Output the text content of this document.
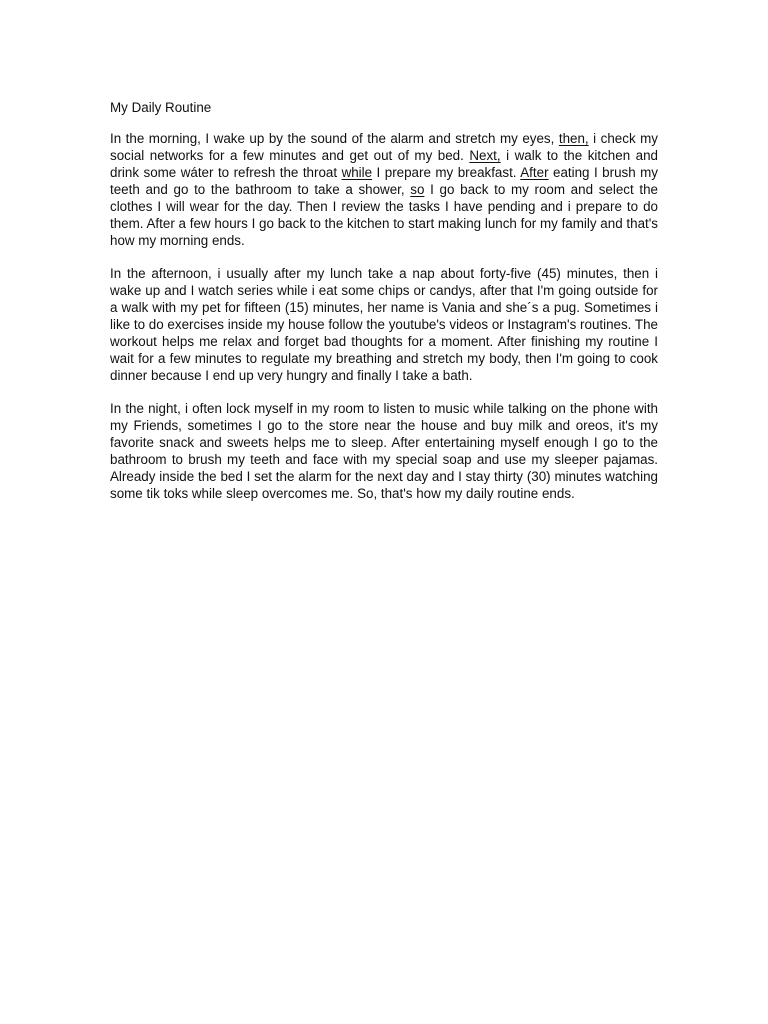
My Daily Routine

In the morning, I wake up by the sound of the alarm and stretch my eyes, then, i check my social networks for a few minutes and get out of my bed. Next, i walk to the kitchen and drink some wáter to refresh the throat while I prepare my breakfast. After eating I brush my teeth and go to the bathroom to take a shower, so I go back to my room and select the clothes I will wear for the day. Then I review the tasks I have pending and i prepare to do them. After a few hours I go back to the kitchen to start making lunch for my family and that's how my morning ends.

In the afternoon, i usually after my lunch take a nap about forty-five (45) minutes, then i wake up and I watch series while i eat some chips or candys, after that I'm going outside for a walk with my pet for fifteen (15) minutes, her name is Vania and she´s a pug. Sometimes i like to do exercises inside my house follow the youtube's videos or Instagram's routines. The workout helps me relax and forget bad thoughts for a moment. After finishing my routine I wait for a few minutes to regulate my breathing and stretch my body, then I'm going to cook dinner because I end up very hungry and finally I take a bath.

In the night, i often lock myself in my room to listen to music while talking on the phone with my Friends, sometimes I go to the store near the house and buy milk and oreos, it's my favorite snack and sweets helps me to sleep. After entertaining myself enough I go to the bathroom to brush my teeth and face with my special soap and use my sleeper pajamas. Already inside the bed I set the alarm for the next day and I stay thirty (30) minutes watching some tik toks while sleep overcomes me. So, that's how my daily routine ends.
